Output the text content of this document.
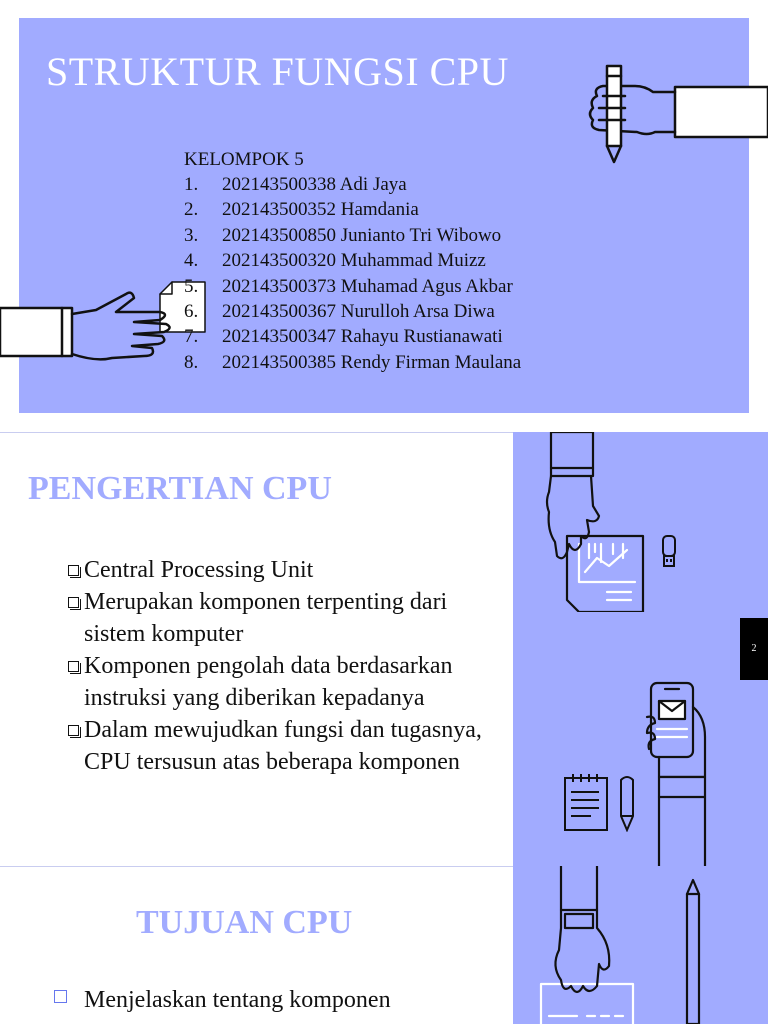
STRUKTUR FUNGSI CPU
KELOMPOK 5
1. 202143500338 Adi Jaya
2. 202143500352 Hamdania
3. 202143500850 Junianto Tri Wibowo
4. 202143500320 Muhammad Muizz
5. 202143500373 Muhamad Agus Akbar
6. 202143500367 Nurulloh Arsa Diwa
7. 202143500347 Rahayu Rustianawati
8. 202143500385 Rendy Firman Maulana
PENGERTIAN CPU
Central Processing Unit
Merupakan komponen terpenting dari sistem komputer
Komponen pengolah data berdasarkan instruksi yang diberikan kepadanya
Dalam mewujudkan fungsi dan tugasnya, CPU tersusun atas beberapa komponen
2
TUJUAN CPU
Menjelaskan tentang komponen
